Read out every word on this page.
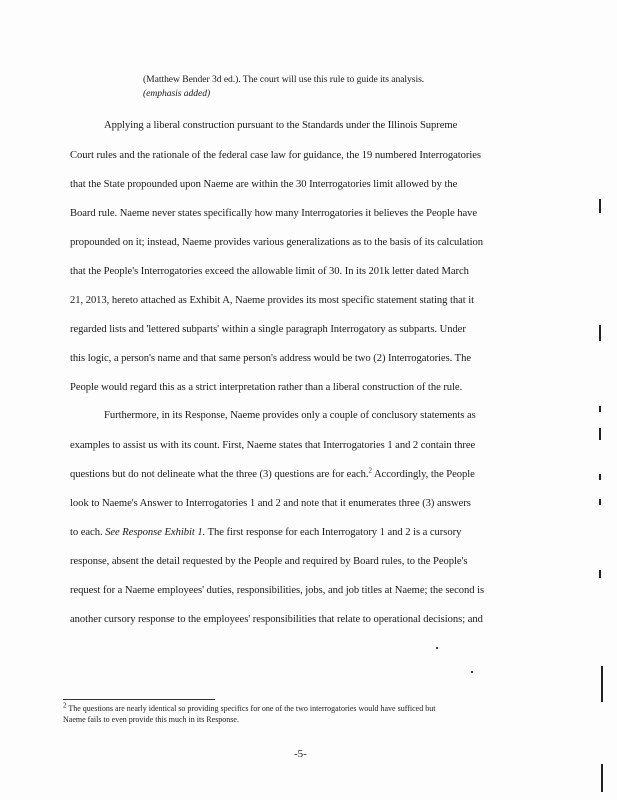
(Matthew Bender 3d ed.). The court will use this rule to guide its analysis.
(emphasis added)
Applying a liberal construction pursuant to the Standards under the Illinois Supreme
Court rules and the rationale of the federal case law for guidance, the 19 numbered Interrogatories
that the State propounded upon Naeme are within the 30 Interrogatories limit allowed by the
Board rule. Naeme never states specifically how many Interrogatories it believes the People have
propounded on it; instead, Naeme provides various generalizations as to the basis of its calculation
that the People's Interrogatories exceed the allowable limit of 30. In its 201k letter dated March
21, 2013, hereto attached as Exhibit A, Naeme provides its most specific statement stating that it
regarded lists and 'lettered subparts' within a single paragraph Interrogatory as subparts. Under
this logic, a person's name and that same person's address would be two (2) Interrogatories. The
People would regard this as a strict interpretation rather than a liberal construction of the rule.
Furthermore, in its Response, Naeme provides only a couple of conclusory statements as
examples to assist us with its count. First, Naeme states that Interrogatories 1 and 2 contain three
questions but do not delineate what the three (3) questions are for each.$^2$ Accordingly, the People
look to Naeme's Answer to Interrogatories 1 and 2 and note that it enumerates three (3) answers
to each. See Response Exhibit 1. The first response for each Interrogatory 1 and 2 is a cursory
response, absent the detail requested by the People and required by Board rules, to the People's
request for a Naeme employees' duties, responsibilities, jobs, and job titles at Naeme; the second is
another cursory response to the employees' responsibilities that relate to operational decisions; and
$^2$ The questions are nearly identical so providing specifics for one of the two interrogatories would have sufficed but
Naeme fails to even provide this much in its Response.
-5-
